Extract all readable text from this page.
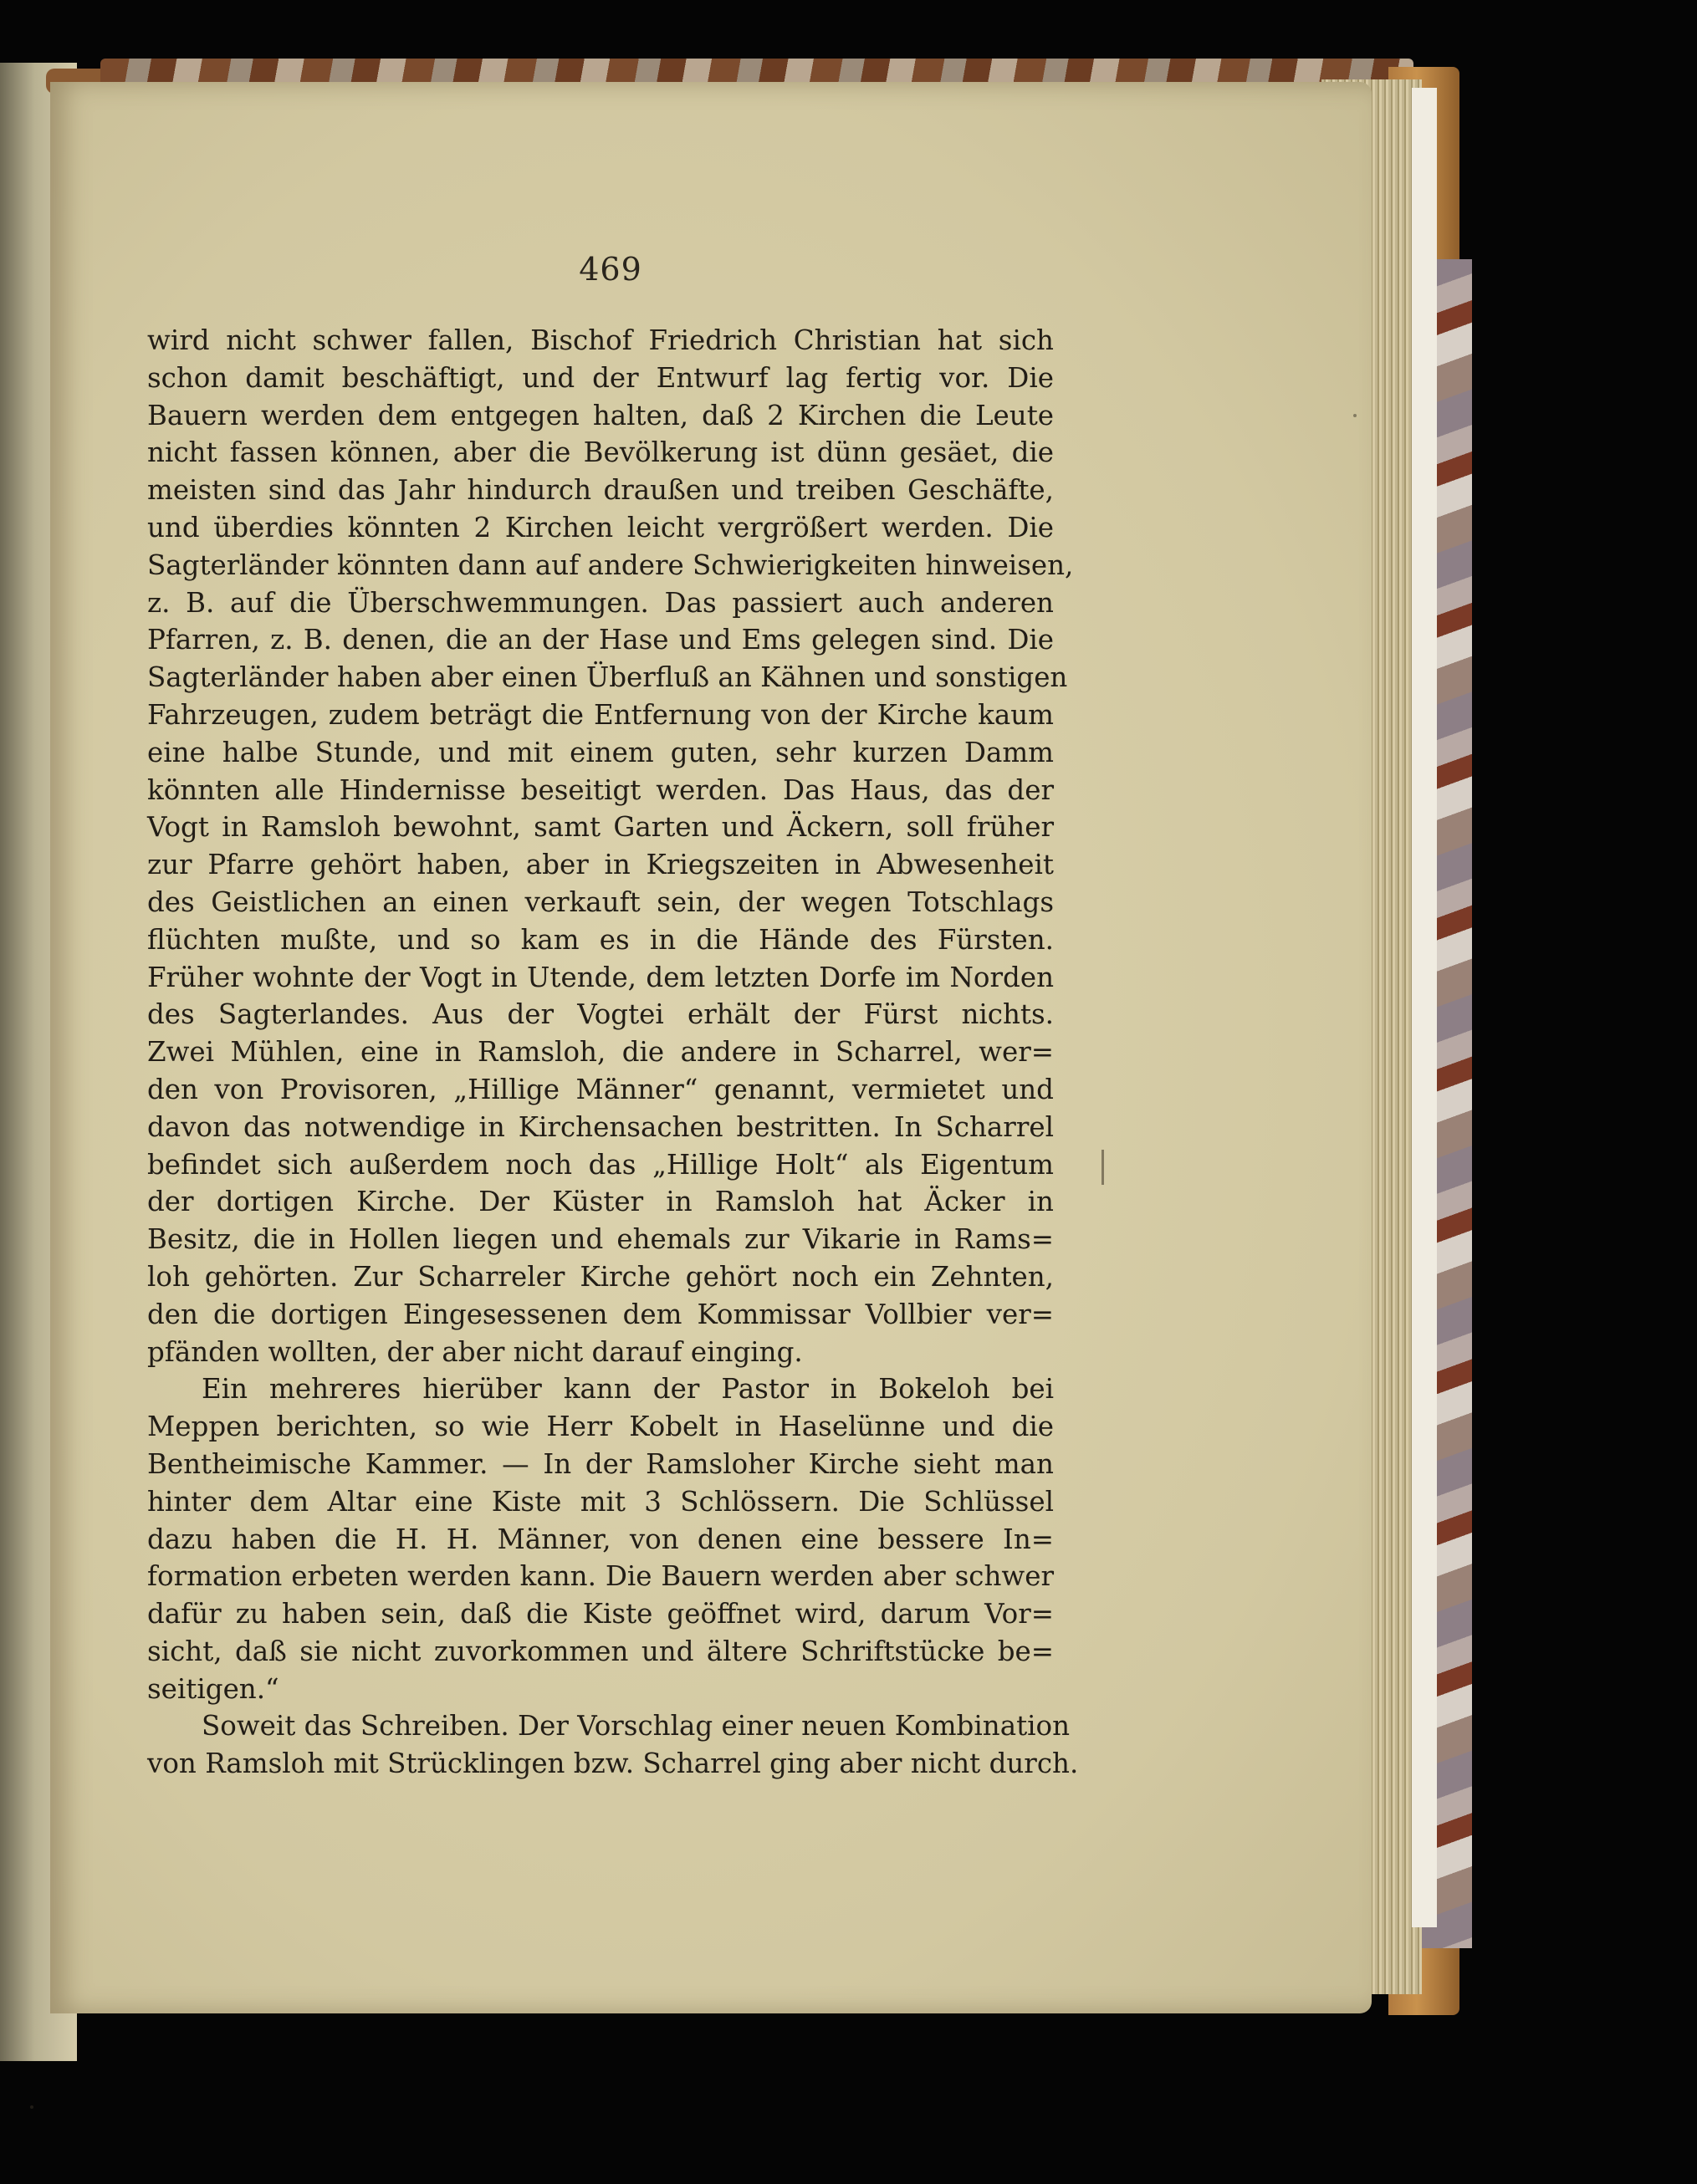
469
wird nicht schwer fallen, Bischof Friedrich Christian hat sich
schon damit beschäftigt, und der Entwurf lag fertig vor. Die
Bauern werden dem entgegen halten, daß 2 Kirchen die Leute
nicht fassen können, aber die Bevölkerung ist dünn gesäet, die
meisten sind das Jahr hindurch draußen und treiben Geschäfte,
und überdies könnten 2 Kirchen leicht vergrößert werden. Die
Sagterländer könnten dann auf andere Schwierigkeiten hinweisen,
z. B. auf die Überschwemmungen. Das passiert auch anderen
Pfarren, z. B. denen, die an der Hase und Ems gelegen sind. Die
Sagterländer haben aber einen Überfluß an Kähnen und sonstigen
Fahrzeugen, zudem beträgt die Entfernung von der Kirche kaum
eine halbe Stunde, und mit einem guten, sehr kurzen Damm
könnten alle Hindernisse beseitigt werden. Das Haus, das der
Vogt in Ramsloh bewohnt, samt Garten und Äckern, soll früher
zur Pfarre gehört haben, aber in Kriegszeiten in Abwesenheit
des Geistlichen an einen verkauft sein, der wegen Totschlags
flüchten mußte, und so kam es in die Hände des Fürsten.
Früher wohnte der Vogt in Utende, dem letzten Dorfe im Norden
des Sagterlandes. Aus der Vogtei erhält der Fürst nichts.
Zwei Mühlen, eine in Ramsloh, die andere in Scharrel, wer=
den von Provisoren, „Hillige Männer“ genannt, vermietet und
davon das notwendige in Kirchensachen bestritten. In Scharrel
befindet sich außerdem noch das „Hillige Holt“ als Eigentum
der dortigen Kirche. Der Küster in Ramsloh hat Äcker in
Besitz, die in Hollen liegen und ehemals zur Vikarie in Rams=
loh gehörten. Zur Scharreler Kirche gehört noch ein Zehnten,
den die dortigen Eingesessenen dem Kommissar Vollbier ver=
pfänden wollten, der aber nicht darauf einging.
Ein mehreres hierüber kann der Pastor in Bokeloh bei
Meppen berichten, so wie Herr Kobelt in Haselünne und die
Bentheimische Kammer. — In der Ramsloher Kirche sieht man
hinter dem Altar eine Kiste mit 3 Schlössern. Die Schlüssel
dazu haben die H. H. Männer, von denen eine bessere In=
formation erbeten werden kann. Die Bauern werden aber schwer
dafür zu haben sein, daß die Kiste geöffnet wird, darum Vor=
sicht, daß sie nicht zuvorkommen und ältere Schriftstücke be=
seitigen.“
Soweit das Schreiben. Der Vorschlag einer neuen Kombination
von Ramsloh mit Strücklingen bzw. Scharrel ging aber nicht durch.
